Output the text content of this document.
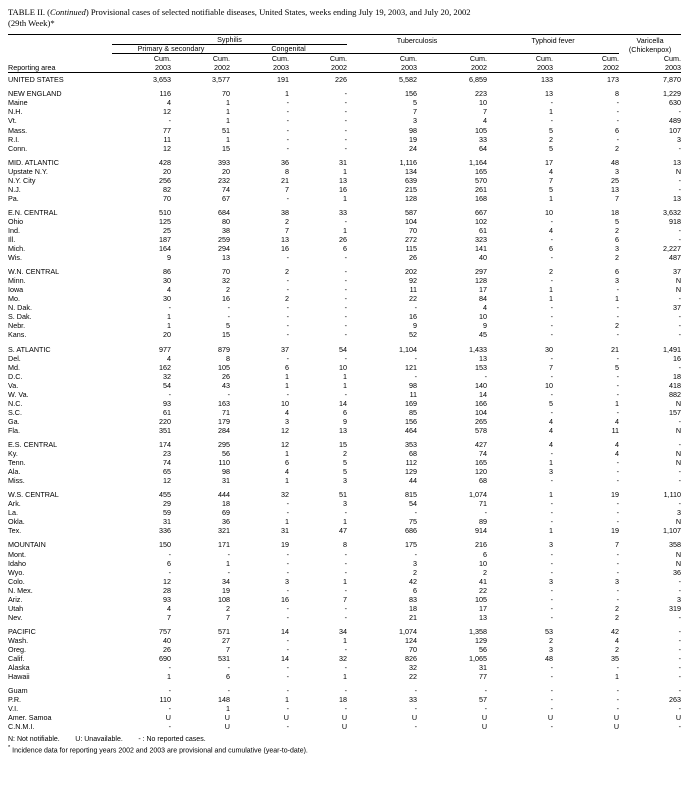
TABLE II. (Continued) Provisional cases of selected notifiable diseases, United States, weeks ending July 19, 2003, and July 20, 2002
(29th Week)*
	Syphilis				Tuberculosis		Typhoid fever		Varicella
	Primary & secondary		Congenital						(Chickenpox)
	Cum.	Cum.	Cum.	Cum.	Cum.	Cum.	Cum.	Cum.	Cum.
Reporting area	2003	2002	2003	2002	2003	2002	2003	2002	2003

UNITED STATES	3,653	3,577	191	226	5,582	6,859	133	173	7,870

NEW ENGLAND	116	70	1	-	156	223	13	8	1,229
Maine	4	1	-	-	5	10	-	-	630
N.H.	12	1	-	-	7	7	1	-	-
Vt.	-	1	-	-	3	4	-	-	489
Mass.	77	51	-	-	98	105	5	6	107
R.I.	11	1	-	-	19	33	2	-	3
Conn.	12	15	-	-	24	64	5	2	-

MID. ATLANTIC	428	393	36	31	1,116	1,164	17	48	13
Upstate N.Y.	20	20	8	1	134	165	4	3	N
N.Y. City	256	232	21	13	639	570	7	25	-
N.J.	82	74	7	16	215	261	5	13	-
Pa.	70	67	-	1	128	168	1	7	13

E.N. CENTRAL	510	684	38	33	587	667	10	18	3,632
Ohio	125	80	2	-	104	102	-	5	918
Ind.	25	38	7	1	70	61	4	2	-
Ill.	187	259	13	26	272	323	-	6	-
Mich.	164	294	16	6	115	141	6	3	2,227
Wis.	9	13	-	-	26	40	-	2	487

W.N. CENTRAL	86	70	2	-	202	297	2	6	37
Minn.	30	32	-	-	92	128	-	3	N
Iowa	4	2	-	-	11	17	1	-	N
Mo.	30	16	2	-	22	84	1	1	-
N. Dak.	-	-	-	-	-	4	-	-	37
S. Dak.	1	-	-	-	16	10	-	-	-
Nebr.	1	5	-	-	9	9	-	2	-
Kans.	20	15	-	-	52	45	-	-	-

S. ATLANTIC	977	879	37	54	1,104	1,433	30	21	1,491
Del.	4	8	-	-	-	13	-	-	16
Md.	162	105	6	10	121	153	7	5	-
D.C.	32	26	1	1	-	-	-	-	18
Va.	54	43	1	1	98	140	10	-	418
W. Va.	-	-	-	-	11	14	-	-	882
N.C.	93	163	10	14	169	166	5	1	N
S.C.	61	71	4	6	85	104	-	-	157
Ga.	220	179	3	9	156	265	4	4	-
Fla.	351	284	12	13	464	578	4	11	N

E.S. CENTRAL	174	295	12	15	353	427	4	4	-
Ky.	23	56	1	2	68	74	-	4	N
Tenn.	74	110	6	5	112	165	1	-	N
Ala.	65	98	4	5	129	120	3	-	-
Miss.	12	31	1	3	44	68	-	-	-

W.S. CENTRAL	455	444	32	51	815	1,074	1	19	1,110
Ark.	29	18	-	3	54	71	-	-	-
La.	59	69	-	-	-	-	-	-	3
Okla.	31	36	1	1	75	89	-	-	N
Tex.	336	321	31	47	686	914	1	19	1,107

MOUNTAIN	150	171	19	8	175	216	3	7	358
Mont.	-	-	-	-	-	6	-	-	N
Idaho	6	1	-	-	3	10	-	-	N
Wyo.	-	-	-	-	2	2	-	-	36
Colo.	12	34	3	1	42	41	3	3	-
N. Mex.	28	19	-	-	6	22	-	-	-
Ariz.	93	108	16	7	83	105	-	-	3
Utah	4	2	-	-	18	17	-	2	319
Nev.	7	7	-	-	21	13	-	2	-

PACIFIC	757	571	14	34	1,074	1,358	53	42	-
Wash.	40	27	-	1	124	129	2	4	-
Oreg.	26	7	-	-	70	56	3	2	-
Calif.	690	531	14	32	826	1,065	48	35	-
Alaska	-	-	-	-	32	31	-	-	-
Hawaii	1	6	-	1	22	77	-	1	-

Guam	-	-	-	-	-	-	-	-	-
P.R.	110	148	1	18	33	57	-	-	263
V.I.	-	1	-	-	-	-	-	-	-
Amer. Samoa	U	U	U	U	U	U	U	U	U
C.N.M.I.	-	U	-	U	-	U	-	U	-
N: Not notifiable.        U: Unavailable.        - : No reported cases.
* Incidence data for reporting years 2002 and 2003 are provisional and cumulative (year-to-date).
